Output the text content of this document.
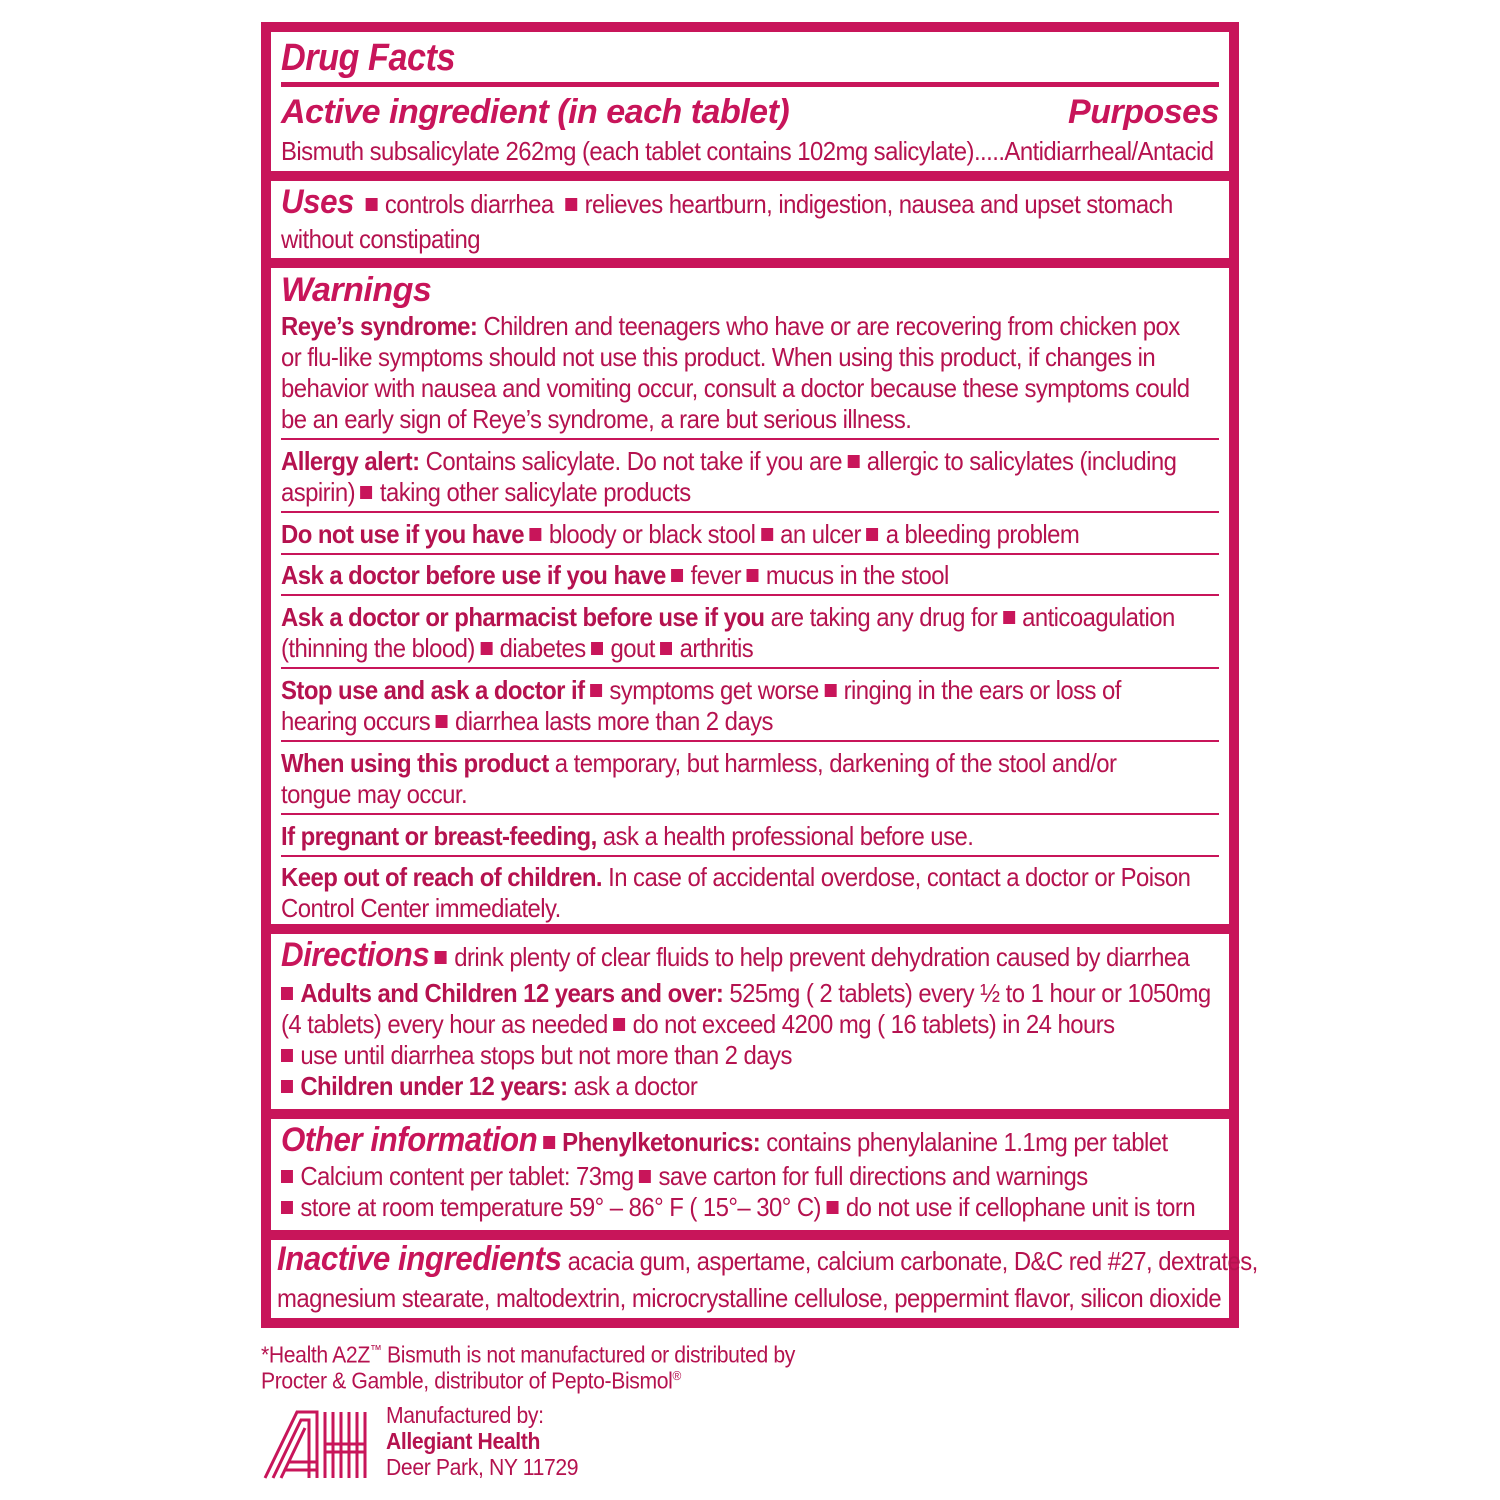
Drug Facts
Active ingredient (in each tablet)	Purposes
Bismuth subsalicylate 262mg (each tablet contains 102mg salicylate).....Antidiarrheal/Antacid
Uses controls diarrhea relieves heartburn, indigestion, nausea and upset stomach
without constipating
Warnings
Reye’s syndrome: Children and teenagers who have or are recovering from chicken pox
or flu-like symptoms should not use this product. When using this product, if changes in
behavior with nausea and vomiting occur, consult a doctor because these symptoms could
be an early sign of Reye’s syndrome, a rare but serious illness.
Allergy alert: Contains salicylate. Do not take if you are allergic to salicylates (including
aspirin) taking other salicylate products
Do not use if you have bloody or black stool an ulcer a bleeding problem
Ask a doctor before use if you have fever mucus in the stool
Ask a doctor or pharmacist before use if you are taking any drug for anticoagulation
(thinning the blood) diabetes gout arthritis
Stop use and ask a doctor if symptoms get worse ringing in the ears or loss of
hearing occurs diarrhea lasts more than 2 days
When using this product a temporary, but harmless, darkening of the stool and/or
tongue may occur.
If pregnant or breast-feeding, ask a health professional before use.
Keep out of reach of children. In case of accidental overdose, contact a doctor or Poison
Control Center immediately.
Directions drink plenty of clear fluids to help prevent dehydration caused by diarrhea
Adults and Children 12 years and over: 525mg ( 2 tablets) every ½ to 1 hour or 1050mg
(4 tablets) every hour as needed do not exceed 4200 mg ( 16 tablets) in 24 hours
use until diarrhea stops but not more than 2 days
Children under 12 years: ask a doctor
Other information Phenylketonurics: contains phenylalanine 1.1mg per tablet
Calcium content per tablet: 73mg save carton for full directions and warnings
store at room temperature 59° – 86° F ( 15°– 30° C) do not use if cellophane unit is torn
Inactive ingredients acacia gum, aspertame, calcium carbonate, D&C red #27, dextrates,
magnesium stearate, maltodextrin, microcrystalline cellulose, peppermint flavor, silicon dioxide
*Health A2Z™ Bismuth is not manufactured or distributed by
Procter & Gamble, distributor of Pepto-Bismol®
Manufactured by:
Allegiant Health
Deer Park, NY 11729
